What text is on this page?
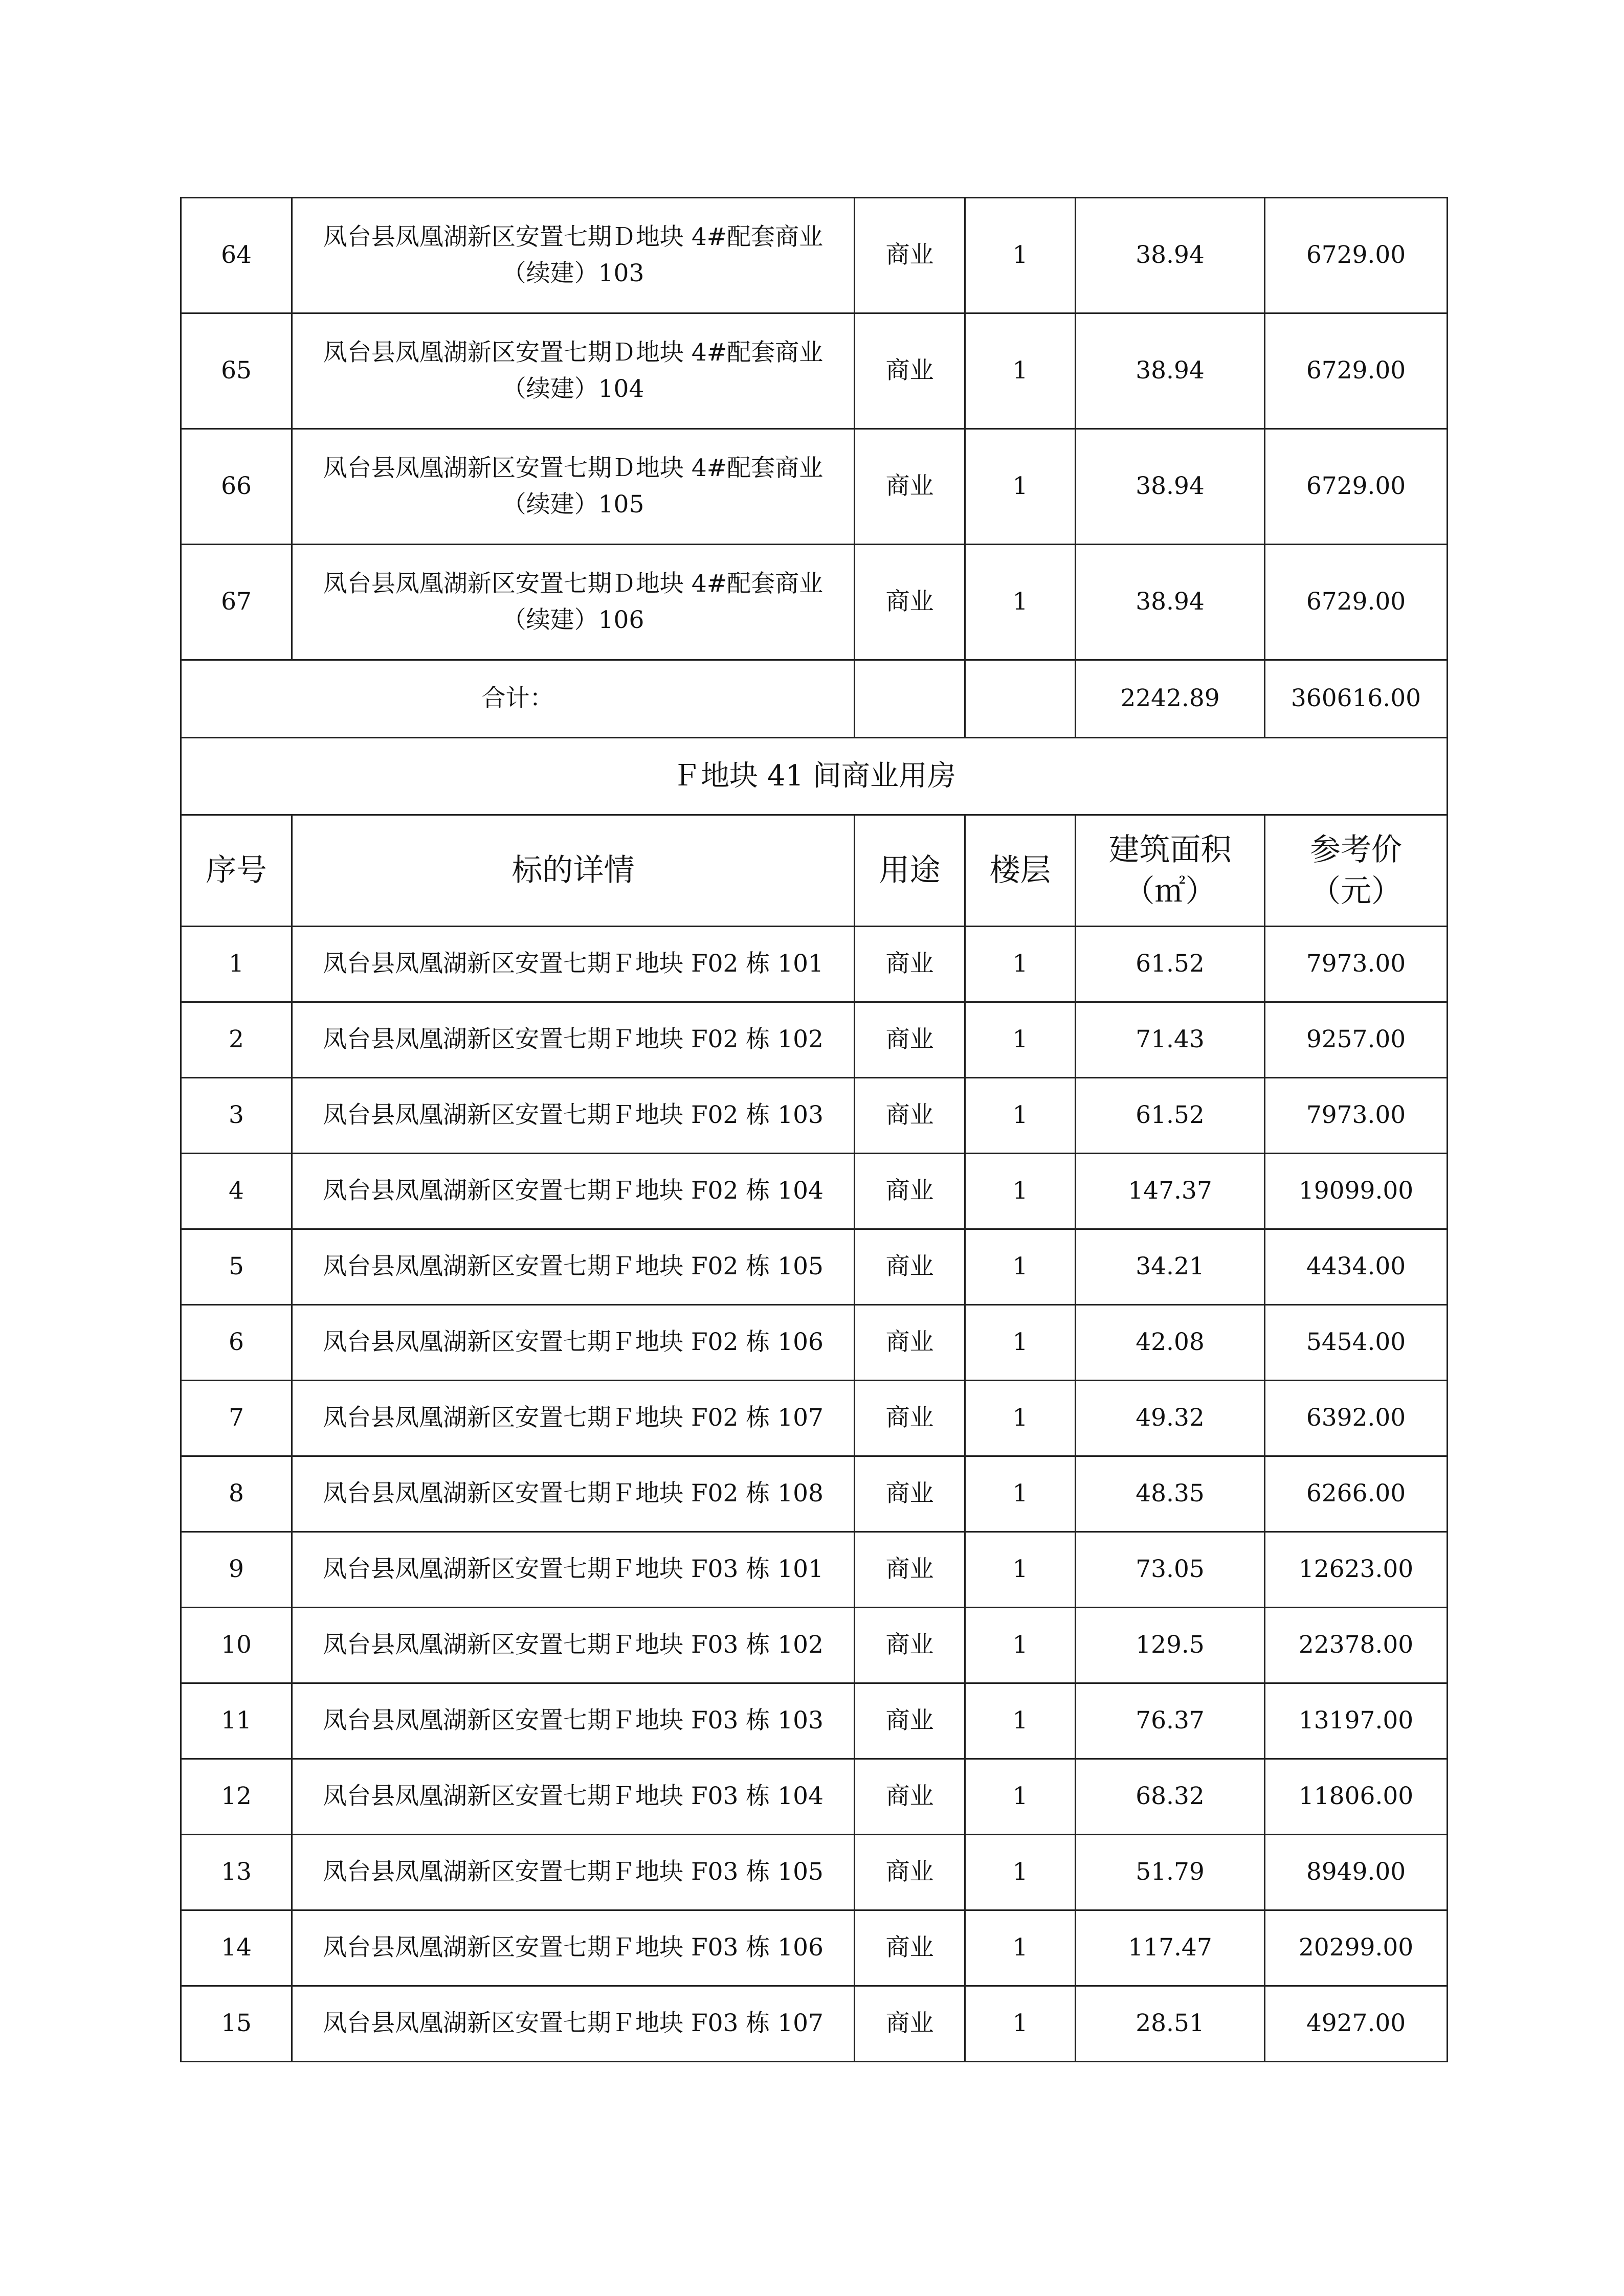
64	凤台县凤凰湖新区安置七期Ｄ地块 4#配套商业（续建）103	商业	1	38.94	6729.00
65	凤台县凤凰湖新区安置七期Ｄ地块 4#配套商业（续建）104	商业	1	38.94	6729.00
66	凤台县凤凰湖新区安置七期Ｄ地块 4#配套商业（续建）105	商业	1	38.94	6729.00
67	凤台县凤凰湖新区安置七期Ｄ地块 4#配套商业（续建）106	商业	1	38.94	6729.00
合计：				2242.89	360616.00
Ｆ地块 41 间商业用房					
序号	标的详情	用途	楼层	建筑面积（㎡）	参考价（元）
1	凤台县凤凰湖新区安置七期Ｆ地块 F02 栋 101	商业	1	61.52	7973.00
2	凤台县凤凰湖新区安置七期Ｆ地块 F02 栋 102	商业	1	71.43	9257.00
3	凤台县凤凰湖新区安置七期Ｆ地块 F02 栋 103	商业	1	61.52	7973.00
4	凤台县凤凰湖新区安置七期Ｆ地块 F02 栋 104	商业	1	147.37	19099.00
5	凤台县凤凰湖新区安置七期Ｆ地块 F02 栋 105	商业	1	34.21	4434.00
6	凤台县凤凰湖新区安置七期Ｆ地块 F02 栋 106	商业	1	42.08	5454.00
7	凤台县凤凰湖新区安置七期Ｆ地块 F02 栋 107	商业	1	49.32	6392.00
8	凤台县凤凰湖新区安置七期Ｆ地块 F02 栋 108	商业	1	48.35	6266.00
9	凤台县凤凰湖新区安置七期Ｆ地块 F03 栋 101	商业	1	73.05	12623.00
10	凤台县凤凰湖新区安置七期Ｆ地块 F03 栋 102	商业	1	129.5	22378.00
11	凤台县凤凰湖新区安置七期Ｆ地块 F03 栋 103	商业	1	76.37	13197.00
12	凤台县凤凰湖新区安置七期Ｆ地块 F03 栋 104	商业	1	68.32	11806.00
13	凤台县凤凰湖新区安置七期Ｆ地块 F03 栋 105	商业	1	51.79	8949.00
14	凤台县凤凰湖新区安置七期Ｆ地块 F03 栋 106	商业	1	117.47	20299.00
15	凤台县凤凰湖新区安置七期Ｆ地块 F03 栋 107	商业	1	28.51	4927.00
